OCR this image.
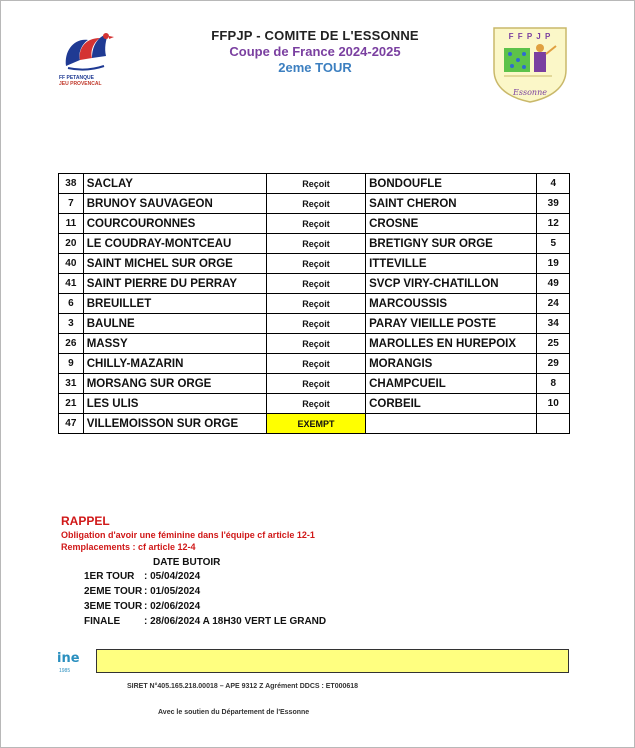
FF PETANQUE
JEU PROVENCAL
FFPJP - COMITE DE L'ESSONNE
Coupe de France 2024-2025
2eme TOUR
F F P J P
Essonne
38	SACLAY	Reçoit	BONDOUFLE	4
7	BRUNOY SAUVAGEON	Reçoit	SAINT CHERON	39
11	COURCOURONNES	Reçoit	CROSNE	12
20	LE COUDRAY-MONTCEAU	Reçoit	BRETIGNY SUR ORGE	5
40	SAINT MICHEL SUR ORGE	Reçoit	ITTEVILLE	19
41	SAINT PIERRE DU PERRAY	Reçoit	SVCP VIRY-CHATILLON	49
6	BREUILLET	Reçoit	MARCOUSSIS	24
3	BAULNE	Reçoit	PARAY VIEILLE POSTE	34
26	MASSY	Reçoit	MAROLLES EN HUREPOIX	25
9	CHILLY-MAZARIN	Reçoit	MORANGIS	29
31	MORSANG SUR ORGE	Reçoit	CHAMPCUEIL	8
21	LES ULIS	Reçoit	CORBEIL	10
47	VILLEMOISSON SUR ORGE	EXEMPT		
RAPPEL
Obligation d'avoir une féminine dans l'équipe cf article 12-1
Remplacements : cf article 12-4
DATE BUTOIR
1ER TOUR : 05/04/2024
2EME TOUR : 01/05/2024
3EME TOUR : 02/06/2024
FINALE : 28/06/2024 A 18H30 VERT LE GRAND
ine
1985
SIRET N°405.165.218.00018 – APE 9312 Z Agrément DDCS : ET000618
Avec le soutien du Département de l'Essonne
